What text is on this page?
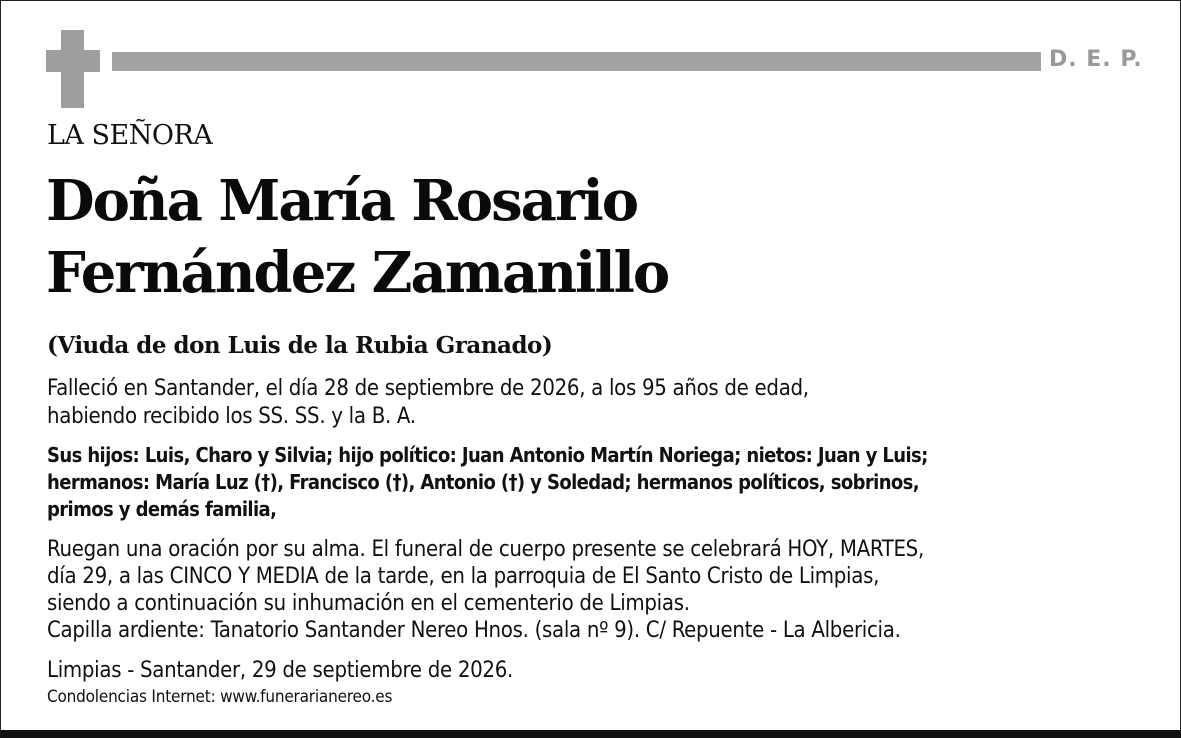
D. E. P.
LA SEÑORA
Doña María Rosario
Fernández Zamanillo
(Viuda de don Luis de la Rubia Granado)
Falleció en Santander, el día 28 de septiembre de 2026, a los 95 años de edad,
habiendo recibido los SS. SS. y la B. A.
Sus hijos: Luis, Charo y Silvia; hijo político: Juan Antonio Martín Noriega; nietos: Juan y Luis;
hermanos: María Luz (†), Francisco (†), Antonio (†) y Soledad; hermanos políticos, sobrinos,
primos y demás familia,
Ruegan una oración por su alma. El funeral de cuerpo presente se celebrará HOY, MARTES,
día 29, a las CINCO Y MEDIA de la tarde, en la parroquia de El Santo Cristo de Limpias,
siendo a continuación su inhumación en el cementerio de Limpias.
Capilla ardiente: Tanatorio Santander Nereo Hnos. (sala nº 9). C/ Repuente - La Albericia.
Limpias - Santander, 29 de septiembre de 2026.
Condolencias Internet: www.funerarianereo.es
